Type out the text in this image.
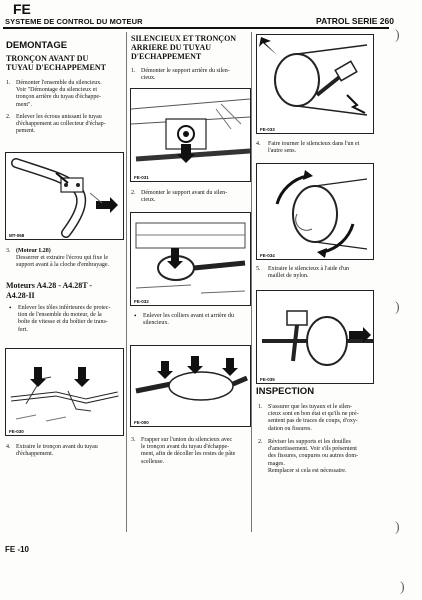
FE
SYSTEME DE CONTROL DU MOTEUR	PATROL SERIE 260
)
)
)
)
DEMONTAGE
TRONÇON AVANT DU
TUYAU D'ECHAPPEMENT
1. Démonter l'ensemble du silencieux.
Voir "Démontage du silencieux et
tronçon arrière du tuyau d'échappe-
ment".
2. Enlever les écrous unissant le tuyau
d'échappement au collecteur d'échap-
pement.
MT-068
3. (Moteur L28)
Desserrer et extraire l'écrou qui fixe le
support avant à la cloche d'embrayage.
Moteurs A4.28 - A4.28T -
A4.28-II
• Enlever les tôles inférieures de protec-
tion de l'ensemble du moteur, de la
boîte de vitesse et du boîtier de trans-
fert.
FE-030
4. Extraire le tronçon avant du tuyau
d'échappement.
SILENCIEUX ET TRONÇON
ARRIERE DU TUYAU
D'ECHAPPEMENT
1. Démonter le support arrière du silen-
cieux.
FE-031
2. Démonter le support avant du silen-
cieux.
FE-032
• Enlever les colliers avant et arrière du
silencieux.
FE-000
3. Frapper sur l'union du silencieux avec
le tronçon avant du tuyau d'échappe-
ment, afin de décoller les restes de pâte
scelleuse.
FE-033
4. Faire tourner le silencieux dans l'un et
l'autre sens.
FE-034
5. Extraire le silencieux à l'aide d'un
maillet de nylon.
FE-035
INSPECTION
1. S'assurer que les tuyaux et le silen-
cieux sont en bon état et qu'ils ne pré-
sentent pas de traces de coups, d'oxy-
dation ou fissures.
2. Réviser les supports et les douilles
d'amortissement. Voir s'ils présentent
des fissures, coupures ou autres dom-
mages.
Remplacer si cela est nécessaire.
FE -10
